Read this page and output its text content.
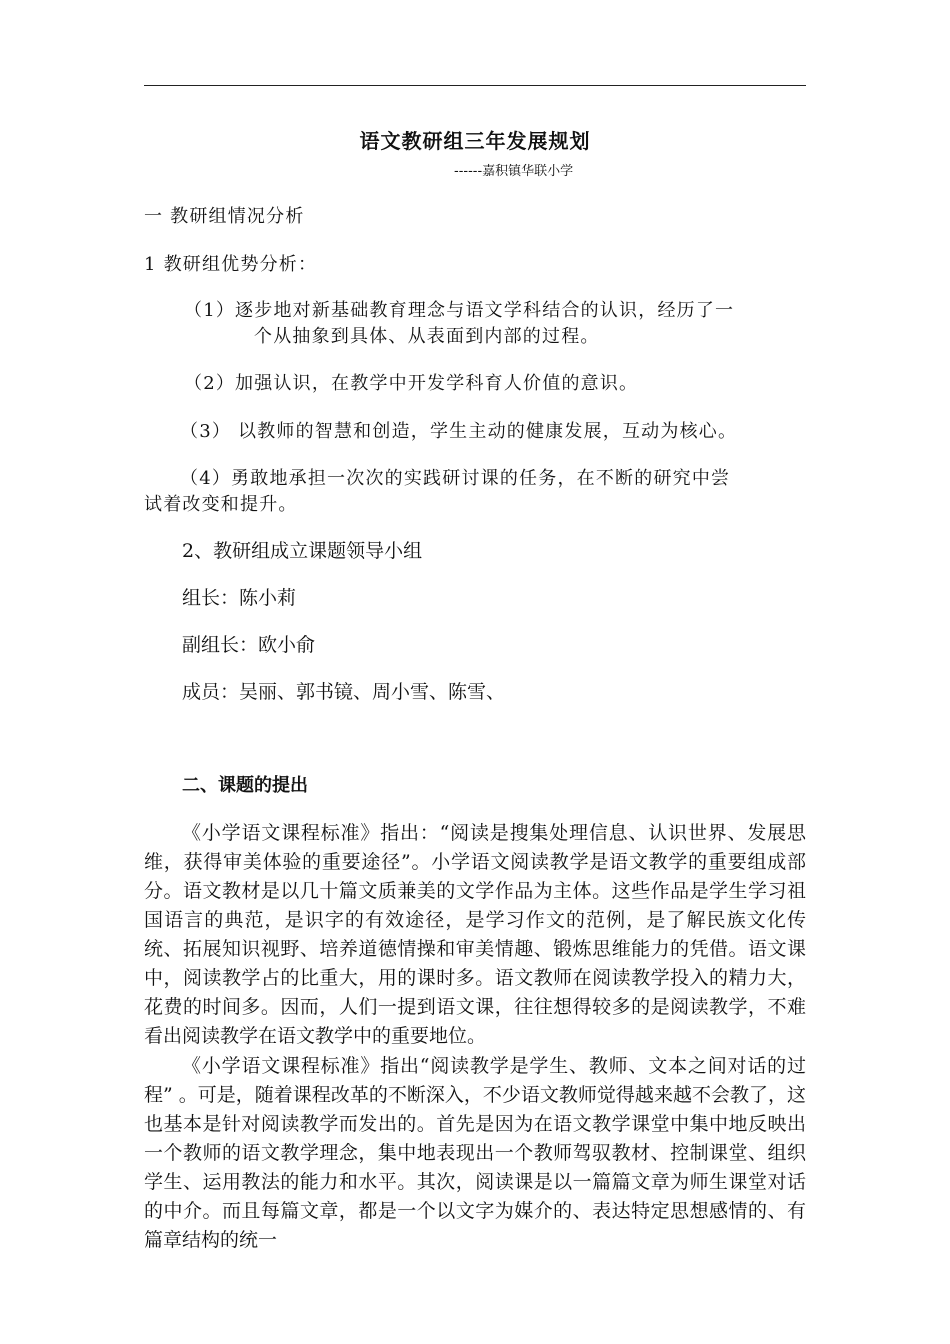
语文教研组三年发展规划
------嘉积镇华联小学
一 教研组情况分析
1 教研组优势分析：
（1）逐步地对新基础教育理念与语文学科结合的认识，经历了一
个从抽象到具体、从表面到内部的过程。
（2）加强认识，在教学中开发学科育人价值的意识。
（3） 以教师的智慧和创造，学生主动的健康发展，互动为核心。
（4）勇敢地承担一次次的实践研讨课的任务，在不断的研究中尝
试着改变和提升。
2、教研组成立课题领导小组
组长：陈小莉
副组长：欧小俞
成员：吴丽、郭书镜、周小雪、陈雪、
二、课题的提出
《小学语文课程标准》指出：“阅读是搜集处理信息、认识世界、发展思维，获得审美体验的重要途径”。小学语文阅读教学是语文教学的重要组成部分。语文教材是以几十篇文质兼美的文学作品为主体。这些作品是学生学习祖国语言的典范，是识字的有效途径，是学习作文的范例，是了解民族文化传统、拓展知识视野、培养道德情操和审美情趣、锻炼思维能力的凭借。语文课中，阅读教学占的比重大，用的课时多。语文教师在阅读教学投入的精力大，花费的时间多。因而，人们一提到语文课，往往想得较多的是阅读教学，不难看出阅读教学在语文教学中的重要地位。
《小学语文课程标准》指出“阅读教学是学生、教师、文本之间对话的过程” 。可是，随着课程改革的不断深入，不少语文教师觉得越来越不会教了，这也基本是针对阅读教学而发出的。首先是因为在语文教学课堂中集中地反映出一个教师的语文教学理念，集中地表现出一个教师驾驭教材、控制课堂、组织学生、运用教法的能力和水平。其次，阅读课是以一篇篇文章为师生课堂对话的中介。而且每篇文章，都是一个以文字为媒介的、表达特定思想感情的、有篇章结构的统一
